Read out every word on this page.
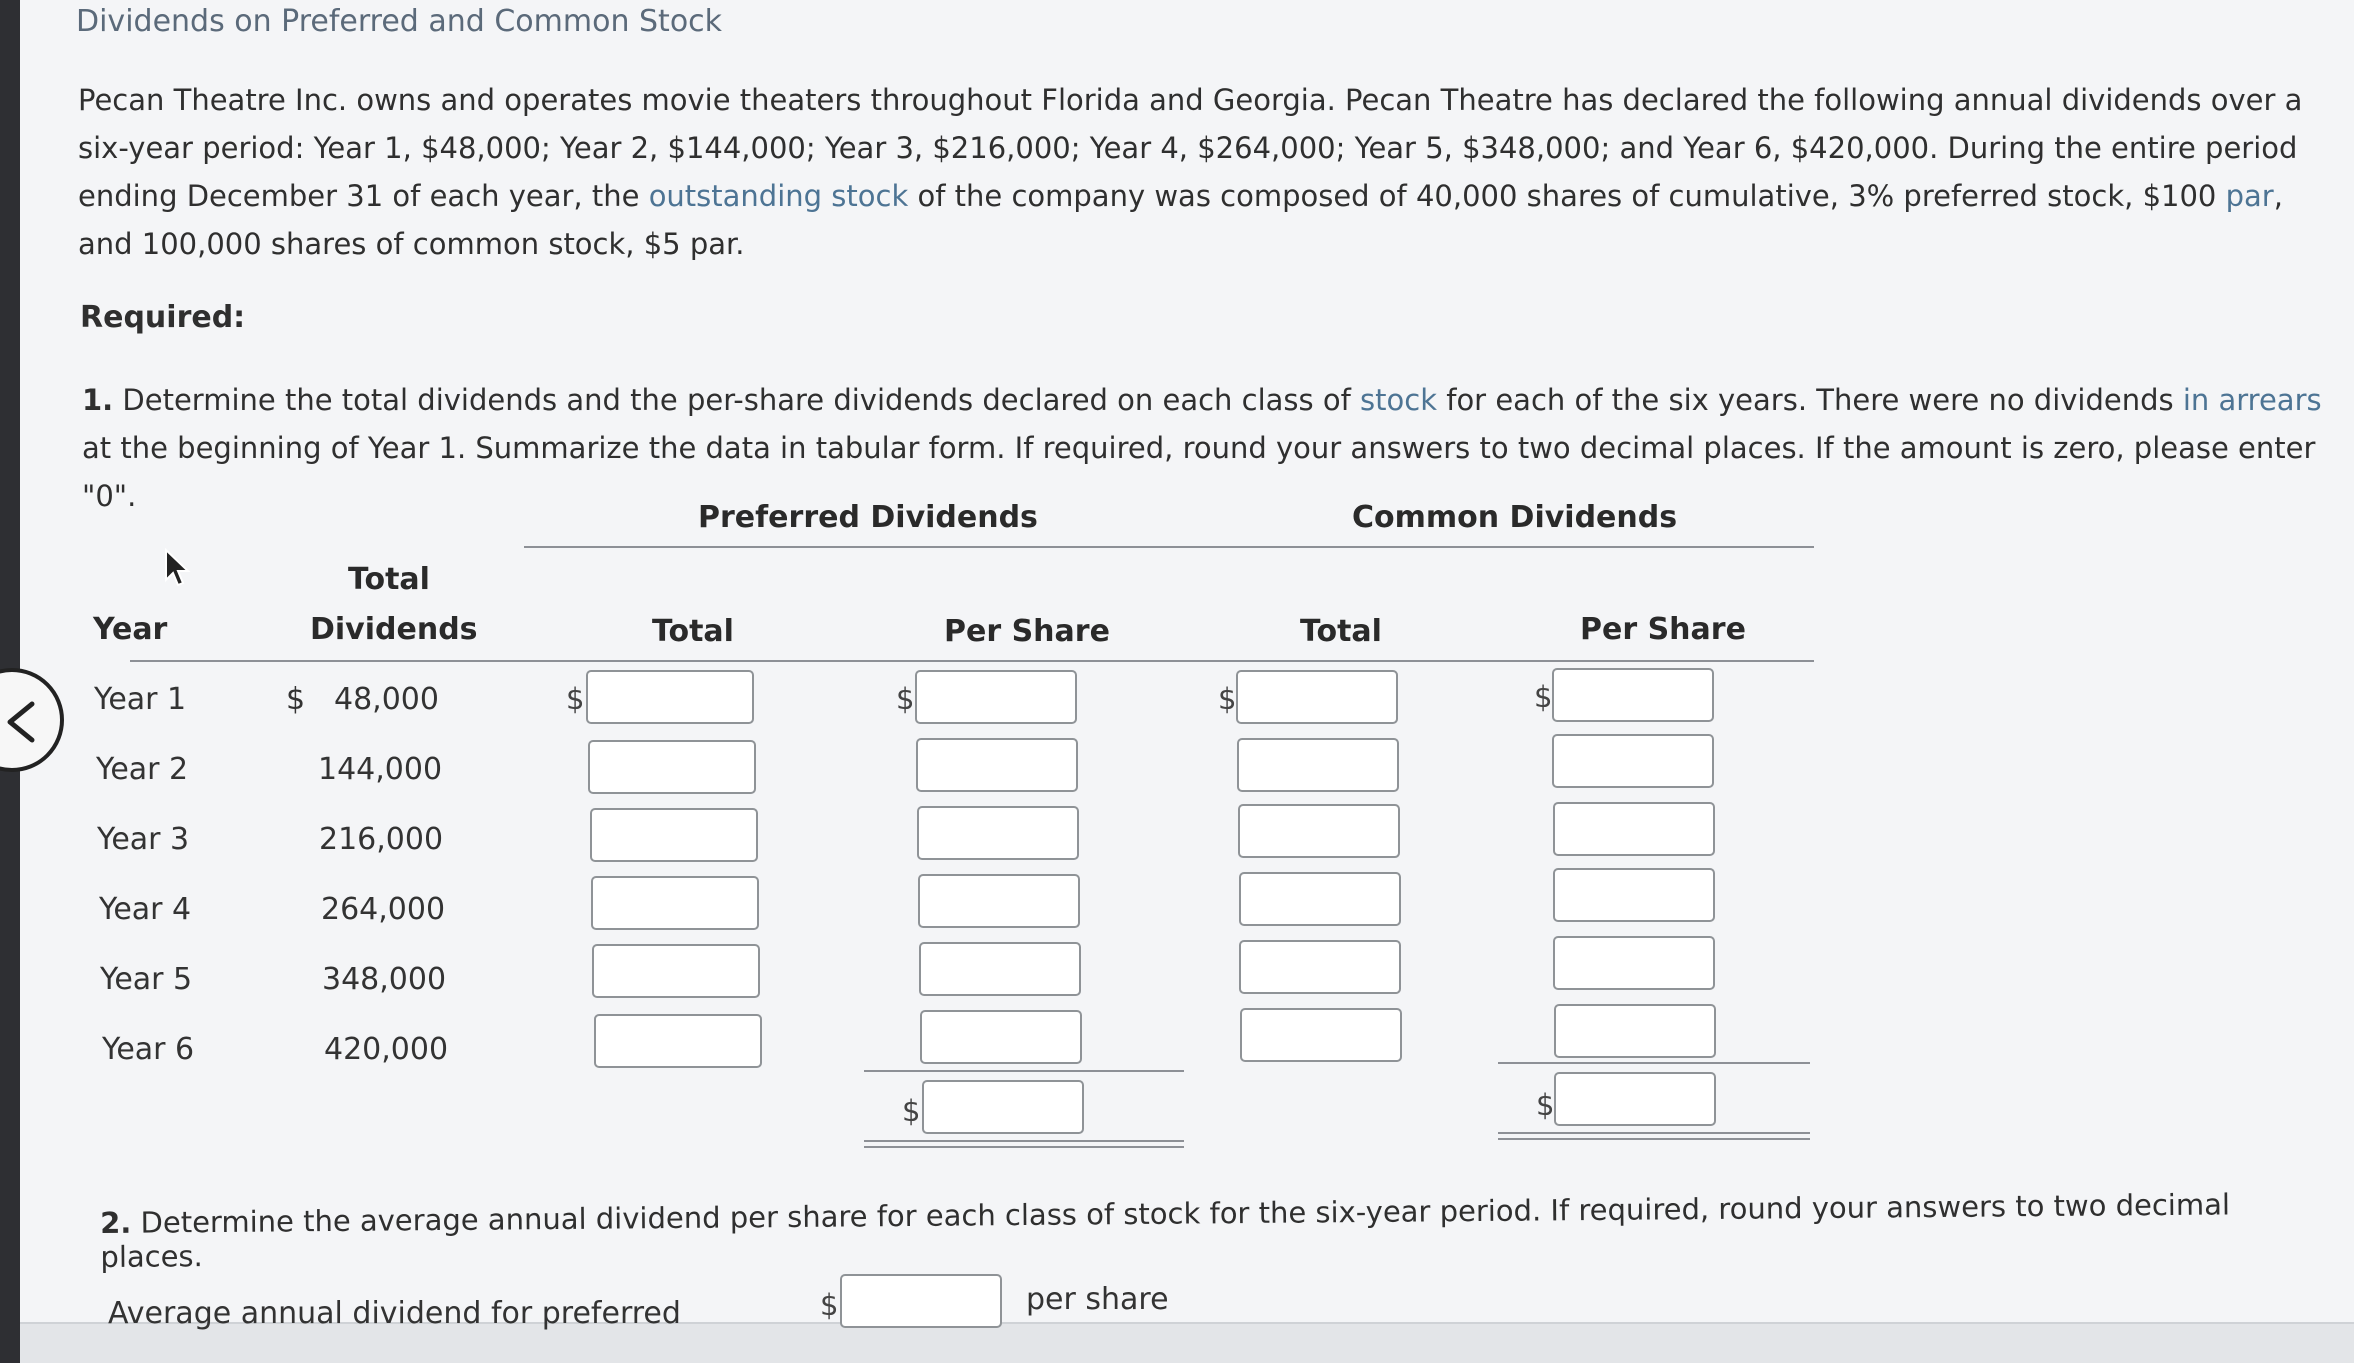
Dividends on Preferred and Common Stock

Pecan Theatre Inc. owns and operates movie theaters throughout Florida and Georgia. Pecan Theatre has declared the following annual dividends over a six-year period: Year 1, $48,000; Year 2, $144,000; Year 3, $216,000; Year 4, $264,000; Year 5, $348,000; and Year 6, $420,000. During the entire period ending December 31 of each year, the outstanding stock of the company was composed of 40,000 shares of cumulative, 3% preferred stock, $100 par, and 100,000 shares of common stock, $5 par.

Required:

1. Determine the total dividends and the per-share dividends declared on each class of stock for each of the six years. There were no dividends in arrears at the beginning of Year 1. Summarize the data in tabular form. If required, round your answers to two decimal places. If the amount is zero, please enter "0".

Preferred Dividends	Common Dividends
Total
Year	Dividends	Total	Per Share	Total	Per Share
Year 1	$ 48,000	$	$	$	$
Year 2	144,000
Year 3	216,000
Year 4	264,000
Year 5	348,000
Year 6	420,000
$	$

2. Determine the average annual dividend per share for each class of stock for the six-year period. If required, round your answers to two decimal places.

Average annual dividend for preferred	$	per share
